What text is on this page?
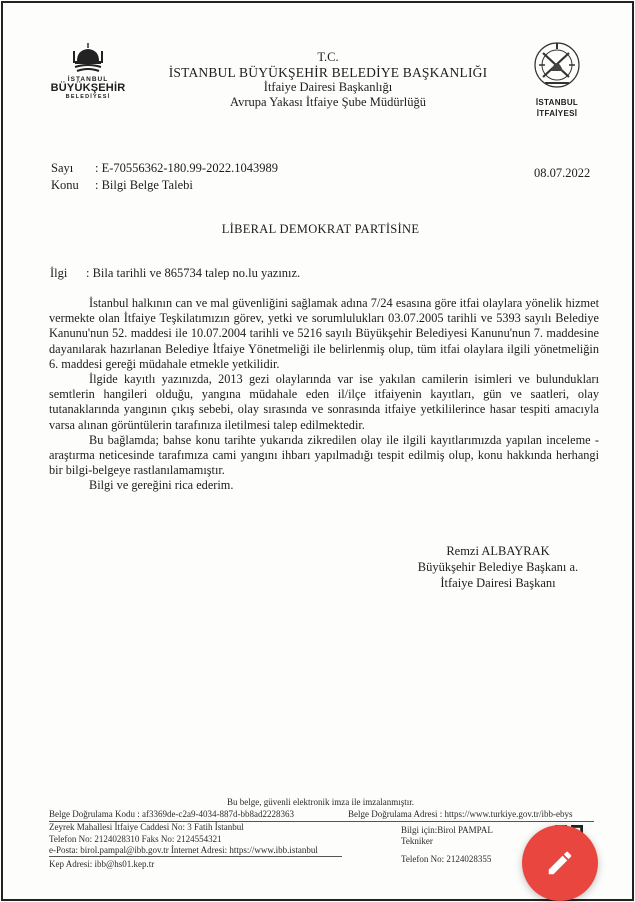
İSTANBUL
BÜYÜKŞEHİR
BELEDİYESİ
T.C.
İSTANBUL BÜYÜKŞEHİR BELEDİYE BAŞKANLIĞI
İtfaiye Dairesi Başkanlığı
Avrupa Yakası İtfaiye Şube Müdürlüğü	İSTANBUL
İTFAİYESİ
Sayı : E-70556362-180.99-2022.1043989
Konu : Bilgi Belge Talebi
08.07.2022
LİBERAL DEMOKRAT PARTİSİNE
İlgi : Bila tarihli ve 865734 talep no.lu yazınız.

İstanbul halkının can ve mal güvenliğini sağlamak adına 7/24 esasına göre itfai olaylara yönelik hizmet vermekte olan İtfaiye Teşkilatımızın görev, yetki ve sorumlulukları 03.07.2005 tarihli ve 5393 sayılı Belediye Kanunu'nun 52. maddesi ile 10.07.2004 tarihli ve 5216 sayılı Büyükşehir Belediyesi Kanunu'nun 7. maddesine dayanılarak hazırlanan Belediye İtfaiye Yönetmeliği ile belirlenmiş olup, tüm itfai olaylara ilgili yönetmeliğin 6. maddesi gereği müdahale etmekle yetkilidir.

İlgide kayıtlı yazınızda, 2013 gezi olaylarında var ise yakılan camilerin isimleri ve bulundukları semtlerin hangileri olduğu, yangına müdahale eden il/ilçe itfaiyenin kayıtları, gün ve saatleri, olay tutanaklarında yangının çıkış sebebi, olay sırasında ve sonrasında itfaiye yetkililerince hasar tespiti amacıyla varsa alınan görüntülerin tarafınıza iletilmesi talep edilmektedir.

Bu bağlamda; bahse konu tarihte yukarıda zikredilen olay ile ilgili kayıtlarımızda yapılan inceleme - araştırma neticesinde tarafımıza cami yangını ihbarı yapılmadığı tespit edilmiş olup, konu hakkında herhangi bir bilgi-belgeye rastlanılamamıştır.

Bilgi ve gereğini rica ederim.

Remzi ALBAYRAK
Büyükşehir Belediye Başkanı a.
İtfaiye Dairesi Başkanı
Bu belge, güvenli elektronik imza ile imzalanmıştır.
Belge Doğrulama Kodu : af3369de-c2a9-4034-887d-bb8ad2228363	Belge Doğrulama Adresi : https://www.turkiye.gov.tr/ibb-ebys
Zeyrek Mahallesi İtfaiye Caddesi No: 3 Fatih İstanbul
Telefon No: 2124028310 Faks No: 2124554321
e-Posta: birol.pampal@ibb.gov.tr İnternet Adresi: https://www.ibb.istanbul
Kep Adresi: ibb@hs01.kep.tr
Bilgi için:Birol PAMPAL
Tekniker
Telefon No: 2124028355
